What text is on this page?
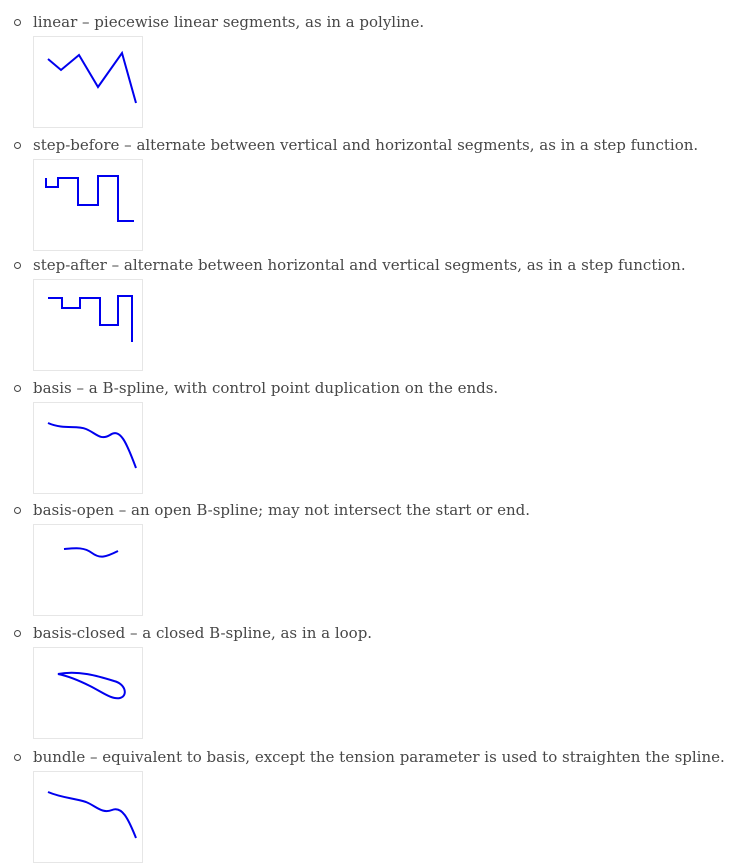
linear – piecewise linear segments, as in a polyline.
step-before – alternate between vertical and horizontal segments, as in a step function.
step-after – alternate between horizontal and vertical segments, as in a step function.
basis – a B-spline, with control point duplication on the ends.
basis-open – an open B-spline; may not intersect the start or end.
basis-closed – a closed B-spline, as in a loop.
bundle – equivalent to basis, except the tension parameter is used to straighten the spline.
